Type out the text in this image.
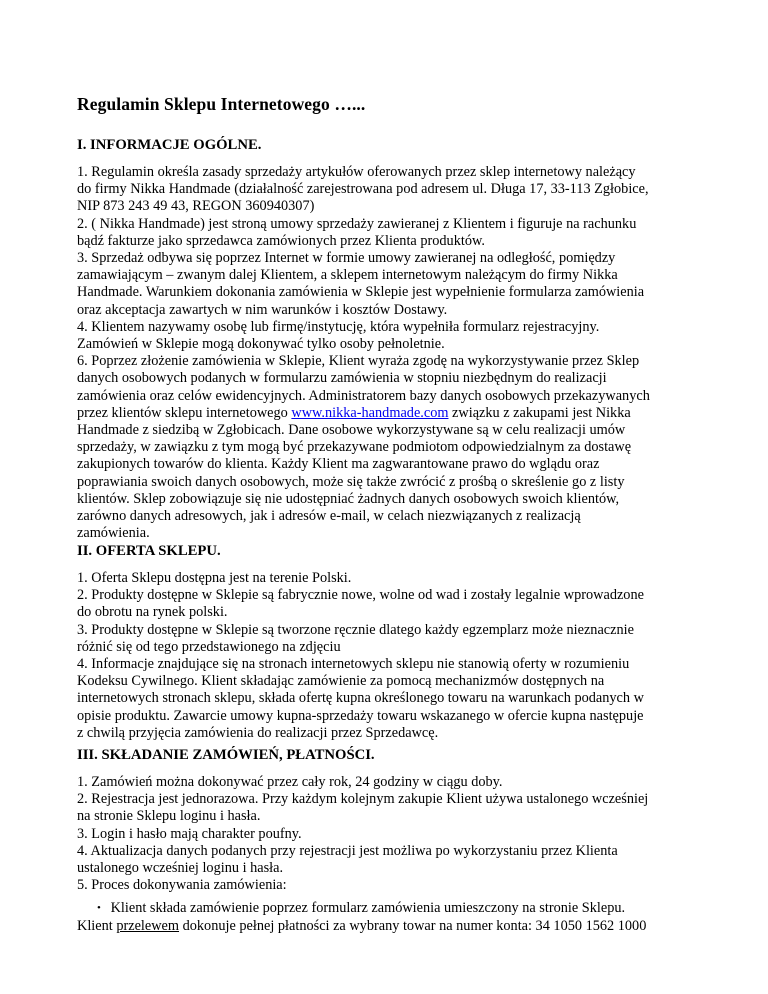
Regulamin Sklepu Internetowego …...
I. INFORMACJE OGÓLNE.

1. Regulamin określa zasady sprzedaży artykułów oferowanych przez sklep internetowy należący

do firmy Nikka Handmade (działalność zarejestrowana pod adresem ul. Długa 17, 33-113 Zgłobice,

NIP 873 243 49 43, REGON 360940307)

2. ( Nikka Handmade) jest stroną umowy sprzedaży zawieranej z Klientem i figuruje na rachunku

bądź fakturze jako sprzedawca zamówionych przez Klienta produktów.

3. Sprzedaż odbywa się poprzez Internet w formie umowy zawieranej na odległość, pomiędzy

zamawiającym – zwanym dalej Klientem, a sklepem internetowym należącym do firmy Nikka

Handmade. Warunkiem dokonania zamówienia w Sklepie jest wypełnienie formularza zamówienia

oraz akceptacja zawartych w nim warunków i kosztów Dostawy.

4. Klientem nazywamy osobę lub firmę/instytucję, która wypełniła formularz rejestracyjny.

Zamówień w Sklepie mogą dokonywać tylko osoby pełnoletnie.

6. Poprzez złożenie zamówienia w Sklepie, Klient wyraża zgodę na wykorzystywanie przez Sklep

danych osobowych podanych w formularzu zamówienia w stopniu niezbędnym do realizacji

zamówienia oraz celów ewidencyjnych. Administratorem bazy danych osobowych przekazywanych

przez klientów sklepu internetowego www.nikka-handmade.com związku z zakupami jest Nikka

Handmade z siedzibą w Zgłobicach. Dane osobowe wykorzystywane są w celu realizacji umów

sprzedaży, w zawiązku z tym mogą być przekazywane podmiotom odpowiedzialnym za dostawę

zakupionych towarów do klienta. Każdy Klient ma zagwarantowane prawo do wglądu oraz

poprawiania swoich danych osobowych, może się także zwrócić z prośbą o skreślenie go z listy

klientów. Sklep zobowiązuje się nie udostępniać żadnych danych osobowych swoich klientów,

zarówno danych adresowych, jak i adresów e-mail, w celach niezwiązanych z realizacją

zamówienia.

II. OFERTA SKLEPU.

1. Oferta Sklepu dostępna jest na terenie Polski.

2. Produkty dostępne w Sklepie są fabrycznie nowe, wolne od wad i zostały legalnie wprowadzone

do obrotu na rynek polski.

3. Produkty dostępne w Sklepie są tworzone ręcznie dlatego każdy egzemplarz może nieznacznie

różnić się od tego przedstawionego na zdjęciu

4. Informacje znajdujące się na stronach internetowych sklepu nie stanowią oferty w rozumieniu

Kodeksu Cywilnego. Klient składając zamówienie za pomocą mechanizmów dostępnych na

internetowych stronach sklepu, składa ofertę kupna określonego towaru na warunkach podanych w

opisie produktu. Zawarcie umowy kupna-sprzedaży towaru wskazanego w ofercie kupna następuje

z chwilą przyjęcia zamówienia do realizacji przez Sprzedawcę.

III. SKŁADANIE ZAMÓWIEŃ, PŁATNOŚCI.

1. Zamówień można dokonywać przez cały rok, 24 godziny w ciągu doby.

2. Rejestracja jest jednorazowa. Przy każdym kolejnym zakupie Klient używa ustalonego wcześniej

na stronie Sklepu loginu i hasła.

3. Login i hasło mają charakter poufny.

4. Aktualizacja danych podanych przy rejestracji jest możliwa po wykorzystaniu przez Klienta

ustalonego wcześniej loginu i hasła.

5. Proces dokonywania zamówienia:

• Klient składa zamówienie poprzez formularz zamówienia umieszczony na stronie Sklepu.

Klient przelewem dokonuje pełnej płatności za wybrany towar na numer konta: 34 1050 1562 1000
